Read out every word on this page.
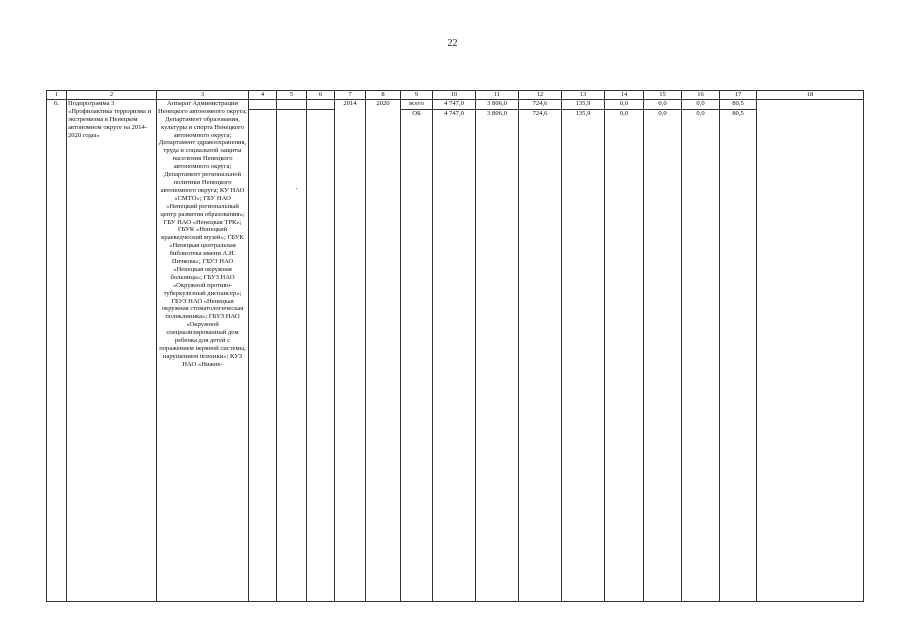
22
1	2	3	4	5	6	7	8	9	10	11	12	13	14	15	16	17	18
6.	Подпрограмма 3 «Профилактика терроризма и экстремизма в Ненецком автономном округе на 2014-2020 годы»	Аппарат Администрации Ненецкого автономного округа; Департамент образования, культуры и спорта Ненецкого автономного округа; Департамент здравоохранения, труда и социальной защиты населения Ненецкого автономного округа; Департамент региональной политики Ненецкого автономного округа; КУ НАО «СМТО»; ГБУ НАО «Ненецкий региональный центр развития образования»; ГБУ НАО «Ненецкая ТРК»; ГБУК «Ненецкий краеведческий музей»; ГБУК «Ненецкая центральная библиотека имени А.И. Пичкова»; ГБУЗ НАО «Ненецкая окружная больница»; ГБУЗ НАО «Окружной противо-туберкулезный диспансер»; ГБУЗ НАО «Ненецкая окружная стоматологическая поликлиника»; ГБУЗ НАО «Окружной специализированный дом ребенка для детей с поражением нервной системы, нарушением психики»; КУЗ НАО «Нижне-				2014	2020	всего	4 747,0	3 806,0	724,6	135,9	0,0	0,0	0,0	80,5	
								ОБ	4 747,0	3 806,0	724,6	135,9	0,0	0,0	0,0	80,5	
